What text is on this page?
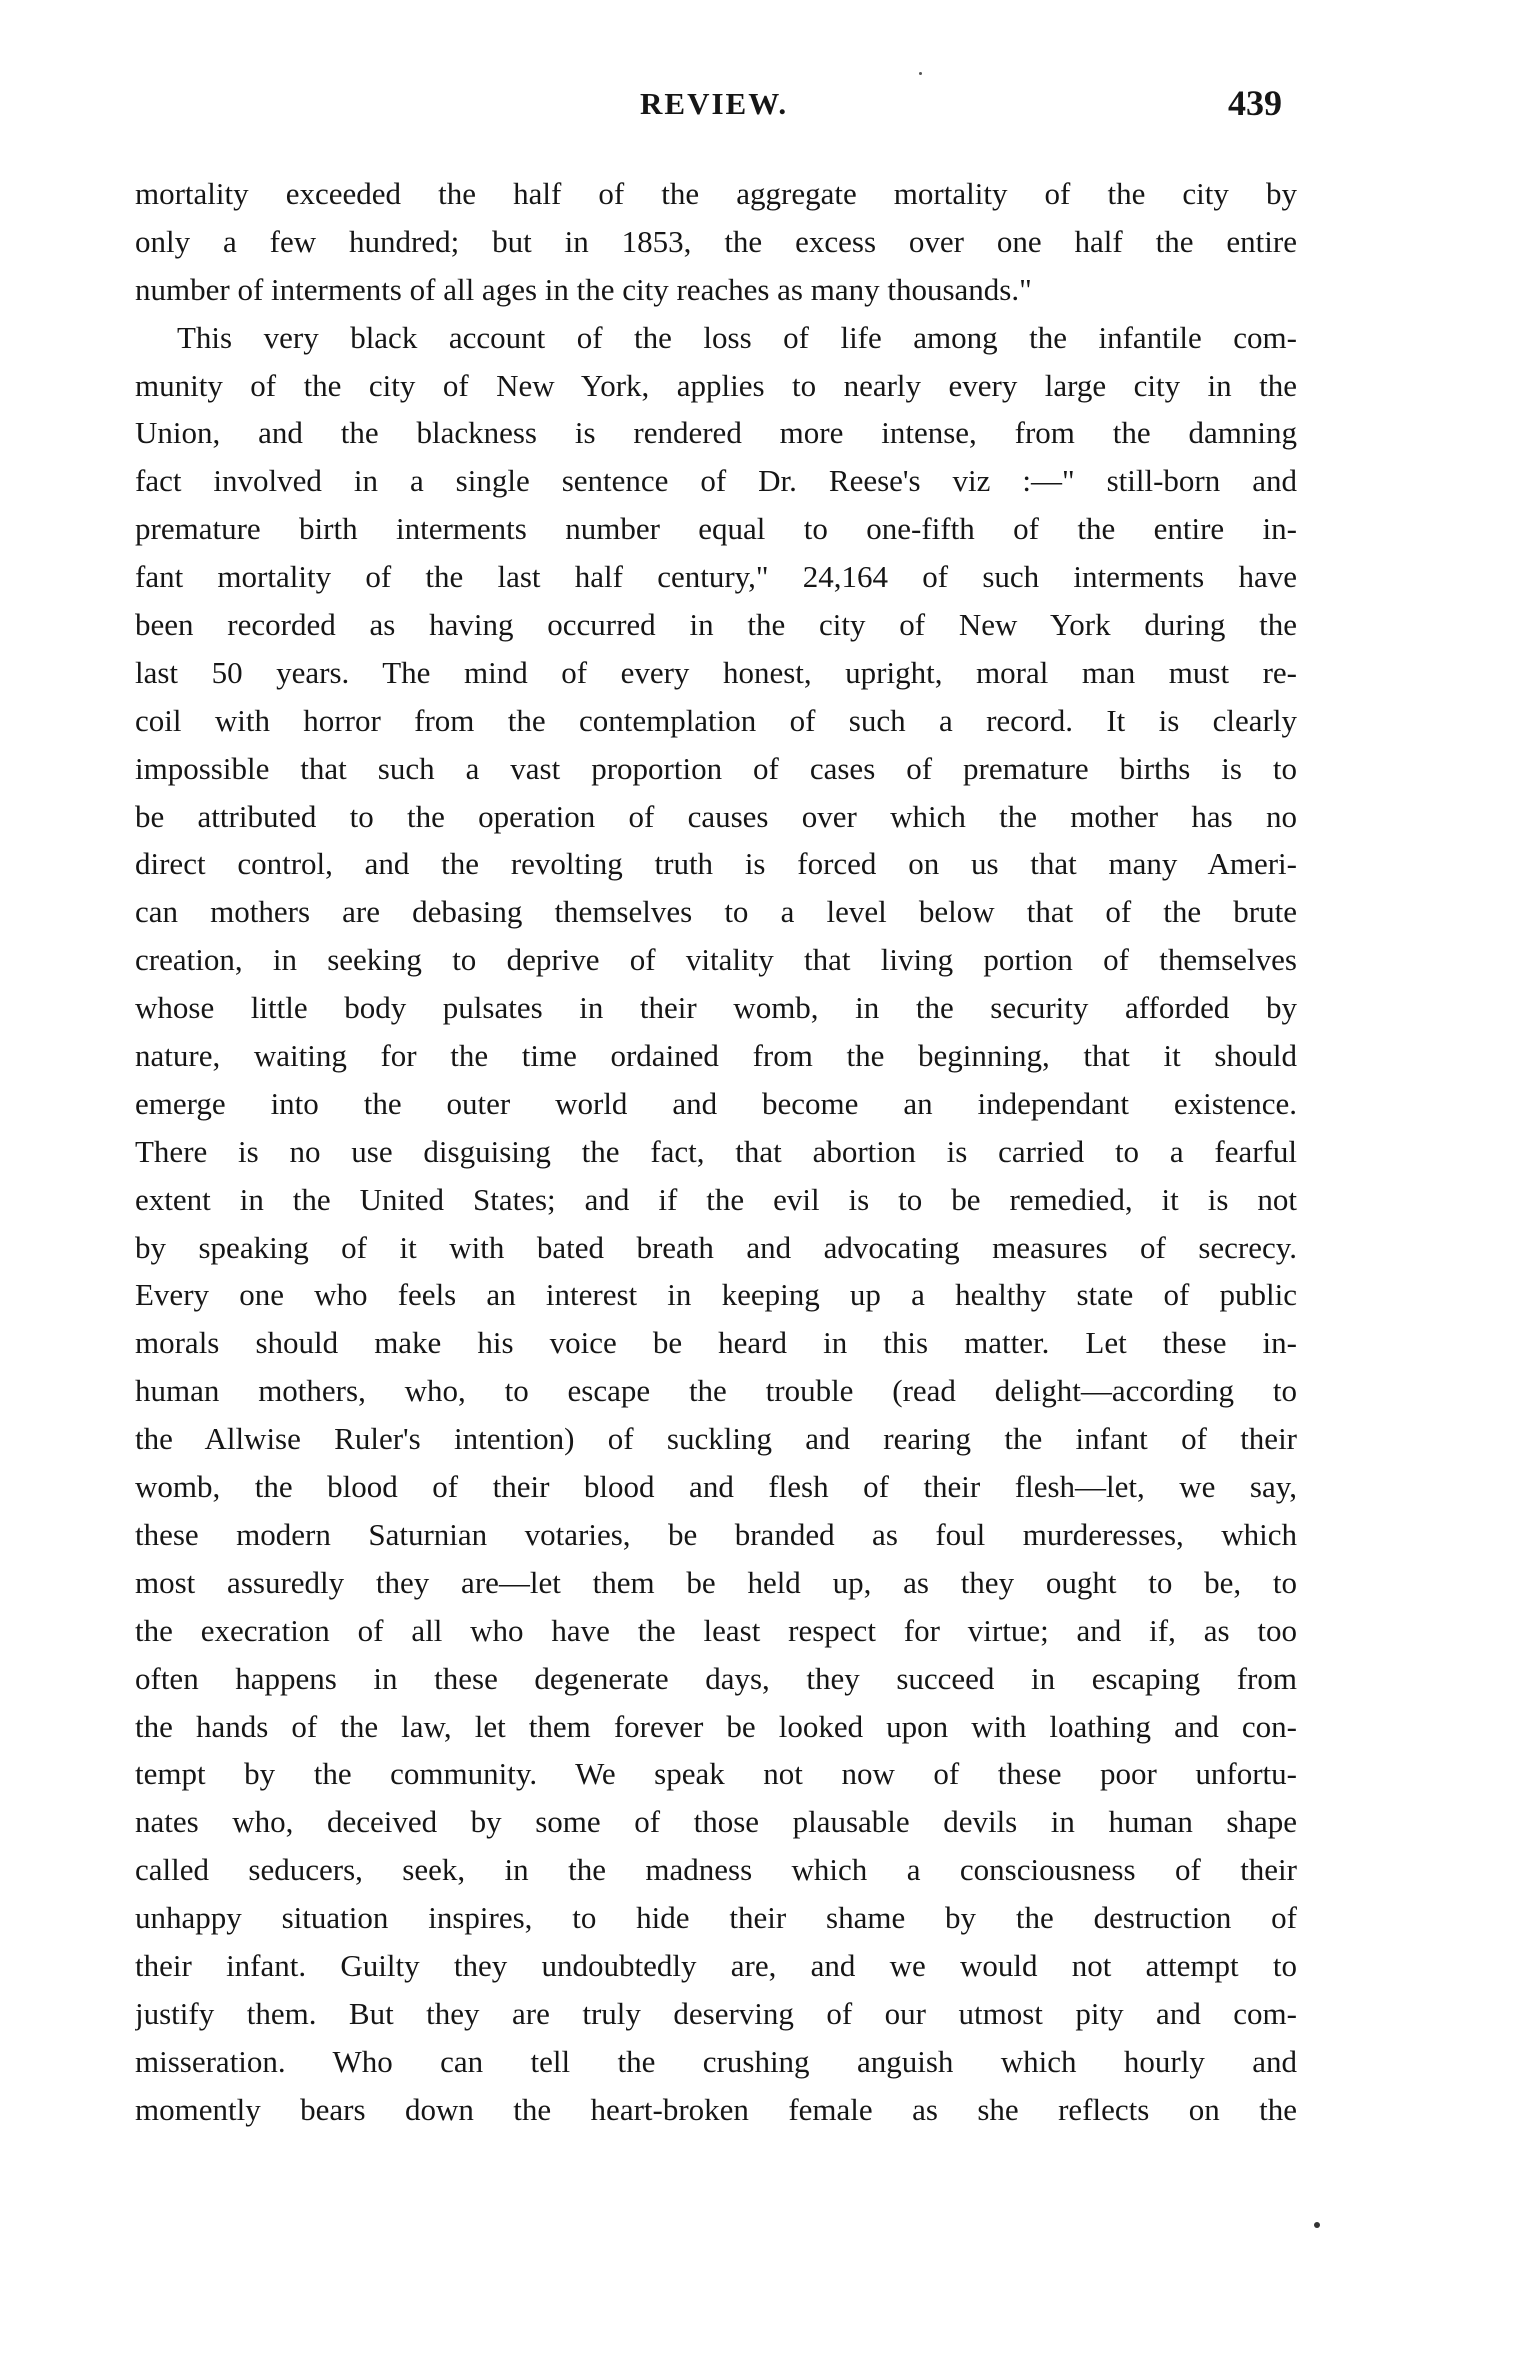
REVIEW.	439
mortality exceeded the half of the aggregate mortality of the city by
only a few hundred; but in 1853, the excess over one half the entire
number of interments of all ages in the city reaches as many thousands."
This very black account of the loss of life among the infantile com-
munity of the city of New York, applies to nearly every large city in the
Union, and the blackness is rendered more intense, from the damning
fact involved in a single sentence of Dr. Reese's viz :—" still-born and
premature birth interments number equal to one-fifth of the entire in-
fant mortality of the last half century," 24,164 of such interments have
been recorded as having occurred in the city of New York during the
last 50 years. The mind of every honest, upright, moral man must re-
coil with horror from the contemplation of such a record. It is clearly
impossible that such a vast proportion of cases of premature births is to
be attributed to the operation of causes over which the mother has no
direct control, and the revolting truth is forced on us that many Ameri-
can mothers are debasing themselves to a level below that of the brute
creation, in seeking to deprive of vitality that living portion of themselves
whose little body pulsates in their womb, in the security afforded by
nature, waiting for the time ordained from the beginning, that it should
emerge into the outer world and become an independant existence.
There is no use disguising the fact, that abortion is carried to a fearful
extent in the United States; and if the evil is to be remedied, it is not
by speaking of it with bated breath and advocating measures of secrecy.
Every one who feels an interest in keeping up a healthy state of public
morals should make his voice be heard in this matter. Let these in-
human mothers, who, to escape the trouble (read delight—according to
the Allwise Ruler's intention) of suckling and rearing the infant of their
womb, the blood of their blood and flesh of their flesh—let, we say,
these modern Saturnian votaries, be branded as foul murderesses, which
most assuredly they are—let them be held up, as they ought to be, to
the execration of all who have the least respect for virtue; and if, as too
often happens in these degenerate days, they succeed in escaping from
the hands of the law, let them forever be looked upon with loathing and con-
tempt by the community. We speak not now of these poor unfortu-
nates who, deceived by some of those plausable devils in human shape
called seducers, seek, in the madness which a consciousness of their
unhappy situation inspires, to hide their shame by the destruction of
their infant. Guilty they undoubtedly are, and we would not attempt to
justify them. But they are truly deserving of our utmost pity and com-
misseration. Who can tell the crushing anguish which hourly and
momently bears down the heart-broken female as she reflects on the
